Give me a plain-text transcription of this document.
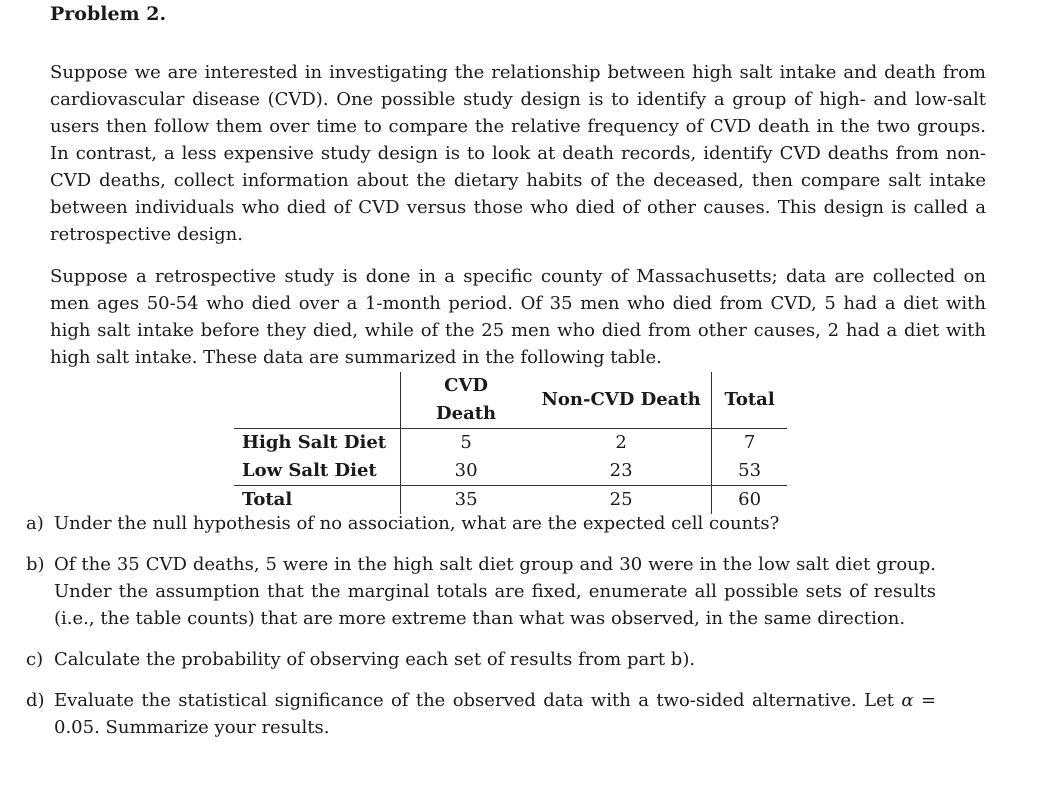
Problem 2.

Suppose we are interested in investigating the relationship between high salt intake and death from cardiovascular disease (CVD). One possible study design is to identify a group of high- and low-salt users then follow them over time to compare the relative frequency of CVD death in the two groups. In contrast, a less expensive study design is to look at death records, identify CVD deaths from non-CVD deaths, collect information about the dietary habits of the deceased, then compare salt intake between individuals who died of CVD versus those who died of other causes. This design is called a retrospective design.

Suppose a retrospective study is done in a specific county of Massachusetts; data are collected on men ages 50-54 who died over a 1-month period. Of 35 men who died from CVD, 5 had a diet with high salt intake before they died, while of the 25 men who died from other causes, 2 had a diet with high salt intake. These data are summarized in the following table.

	CVD Death	Non-CVD Death	Total
High Salt Diet	5	2	7
Low Salt Diet	30	23	53
Total	35	25	60
a) Under the null hypothesis of no association, what are the expected cell counts?
b) Of the 35 CVD deaths, 5 were in the high salt diet group and 30 were in the low salt diet group. Under the assumption that the marginal totals are fixed, enumerate all possible sets of results (i.e., the table counts) that are more extreme than what was observed, in the same direction.
c) Calculate the probability of observing each set of results from part b).
d) Evaluate the statistical significance of the observed data with a two-sided alternative. Let α = 0.05. Summarize your results.
